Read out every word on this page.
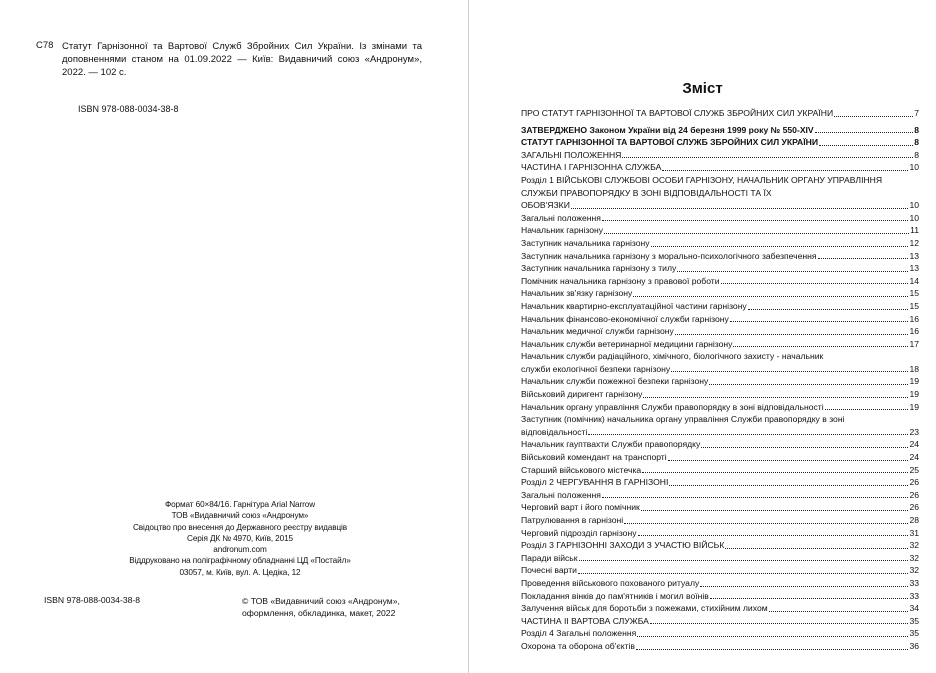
С78 Статут Гарнізонної та Вартової Служб Збройних Сил України. Із змінами та доповненнями станом на 01.09.2022 — Київ: Видавничий союз «Андронум», 2022. — 102 с.
ISBN 978-088-0034-38-8
Формат 60×84/16. Гарнітура Arial Narrow
ТОВ «Видавничий союз «Андронум»
Свідоцтво про внесення до Державного реєстру видавців
Серія ДК № 4970, Київ, 2015
andronum.com
Віддруковано на поліграфічному обладнанні ЦД «Постайл»
03057, м. Київ, вул. А. Цедіка, 12
ISBN 978-088-0034-38-8	© ТОВ «Видавничий союз «Андронум», оформлення, обкладинка, макет, 2022
Зміст
ПРО СТАТУТ ГАРНІЗОННОЇ ТА ВАРТОВОЇ СЛУЖБ ЗБРОЙНИХ СИЛ УКРАЇНИ	7
ЗАТВЕРДЖЕНО Законом України від 24 березня 1999 року № 550-XIV	8
СТАТУТ ГАРНІЗОННОЇ ТА ВАРТОВОЇ СЛУЖБ ЗБРОЙНИХ СИЛ УКРАЇНИ	8
ЗАГАЛЬНІ ПОЛОЖЕННЯ	8
ЧАСТИНА I ГАРНІЗОННА СЛУЖБА	10
Розділ 1 ВІЙСЬКОВІ СЛУЖБОВІ ОСОБИ ГАРНІЗОНУ, НАЧАЛЬНИК ОРГАНУ УПРАВЛІННЯ СЛУЖБИ ПРАВОПОРЯДКУ В ЗОНІ ВІДПОВІДАЛЬНОСТІ ТА ЇХ
ОБОВ'ЯЗКИ	10
Загальні положення	10
Начальник гарнізону	11
Заступник начальника гарнізону	12
Заступник начальника гарнізону з морально-психологічного забезпечення	13
Заступник начальника гарнізону з тилу	13
Помічник начальника гарнізону з правової роботи	14
Начальник зв'язку гарнізону	15
Начальник квартирно-експлуатаційної частини гарнізону	15
Начальник фінансово-економічної служби гарнізону	16
Начальник медичної служби гарнізону	16
Начальник служби ветеринарної медицини гарнізону	17
Начальник служби радіаційного, хімічного, біологічного захисту - начальник
служби екологічної безпеки гарнізону	18
Начальник служби пожежної безпеки гарнізону	19
Військовий диригент гарнізону	19
Начальник органу управління Служби правопорядку в зоні відповідальності	19
Заступник (помічник) начальника органу управління Служби правопорядку в зоні
відповідальності	23
Начальник гауптвахти Служби правопорядку	24
Військовий комендант на транспорті	24
Старший військового містечка	25
Розділ 2 ЧЕРГУВАННЯ В ГАРНІЗОНІ	26
Загальні положення	26
Черговий варт і його помічник	26
Патрулювання в гарнізоні	28
Черговий підрозділ гарнізону	31
Розділ 3 ГАРНІЗОННІ ЗАХОДИ З УЧАСТЮ ВІЙСЬК	32
Паради військ	32
Почесні варти	32
Проведення військового похованого ритуалу	33
Покладання вінків до пам'ятників і могил воїнів	33
Залучення військ для боротьби з пожежами, стихійним лихом	34
ЧАСТИНА II ВАРТОВА СЛУЖБА	35
Розділ 4 Загальні положення	35
Охорона та оборона об'єктів	36
